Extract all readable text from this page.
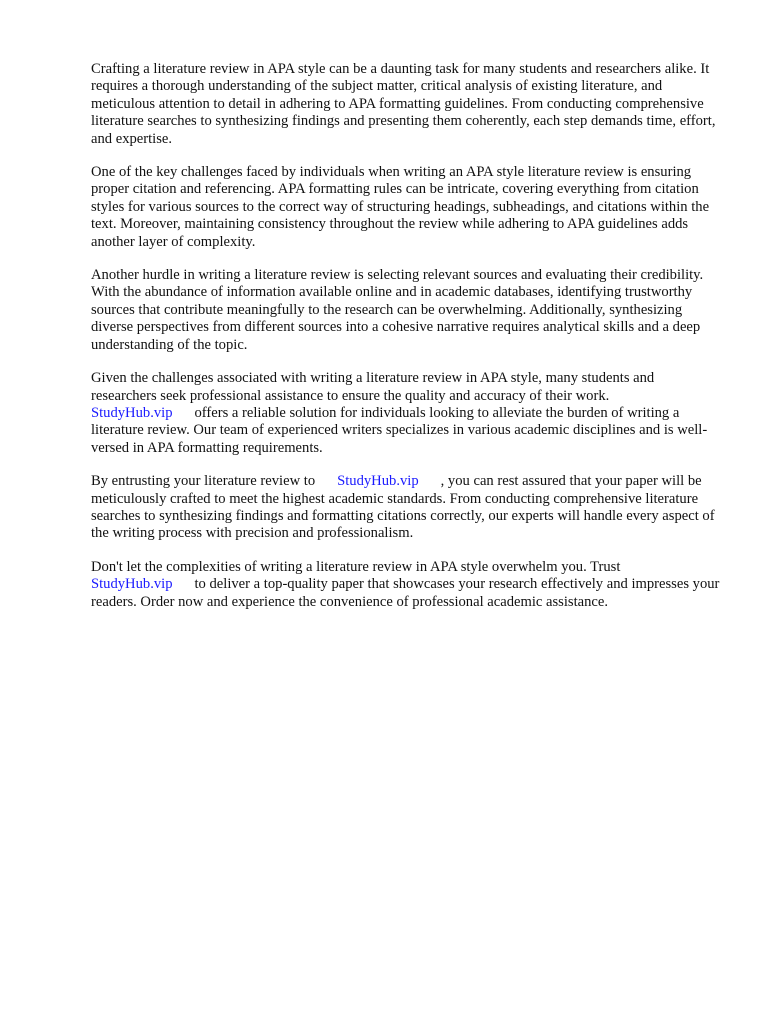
Crafting a literature review in APA style can be a daunting task for many students and researchers alike. It requires a thorough understanding of the subject matter, critical analysis of existing literature, and meticulous attention to detail in adhering to APA formatting guidelines. From conducting comprehensive literature searches to synthesizing findings and presenting them coherently, each step demands time, effort, and expertise.

One of the key challenges faced by individuals when writing an APA style literature review is ensuring proper citation and referencing. APA formatting rules can be intricate, covering everything from citation styles for various sources to the correct way of structuring headings, subheadings, and citations within the text. Moreover, maintaining consistency throughout the review while adhering to APA guidelines adds another layer of complexity.

Another hurdle in writing a literature review is selecting relevant sources and evaluating their credibility. With the abundance of information available online and in academic databases, identifying trustworthy sources that contribute meaningfully to the research can be overwhelming. Additionally, synthesizing diverse perspectives from different sources into a cohesive narrative requires analytical skills and a deep understanding of the topic.

Given the challenges associated with writing a literature review in APA style, many students and researchers seek professional assistance to ensure the quality and accuracy of their work.
StudyHub.vip offers a reliable solution for individuals looking to alleviate the burden of writing a literature review. Our team of experienced writers specializes in various academic disciplines and is well-versed in APA formatting requirements.

By entrusting your literature review to StudyHub.vip , you can rest assured that your paper will be meticulously crafted to meet the highest academic standards. From conducting comprehensive literature searches to synthesizing findings and formatting citations correctly, our experts will handle every aspect of the writing process with precision and professionalism.

Don't let the complexities of writing a literature review in APA style overwhelm you. Trust
StudyHub.vip to deliver a top-quality paper that showcases your research effectively and impresses your readers. Order now and experience the convenience of professional academic assistance.
